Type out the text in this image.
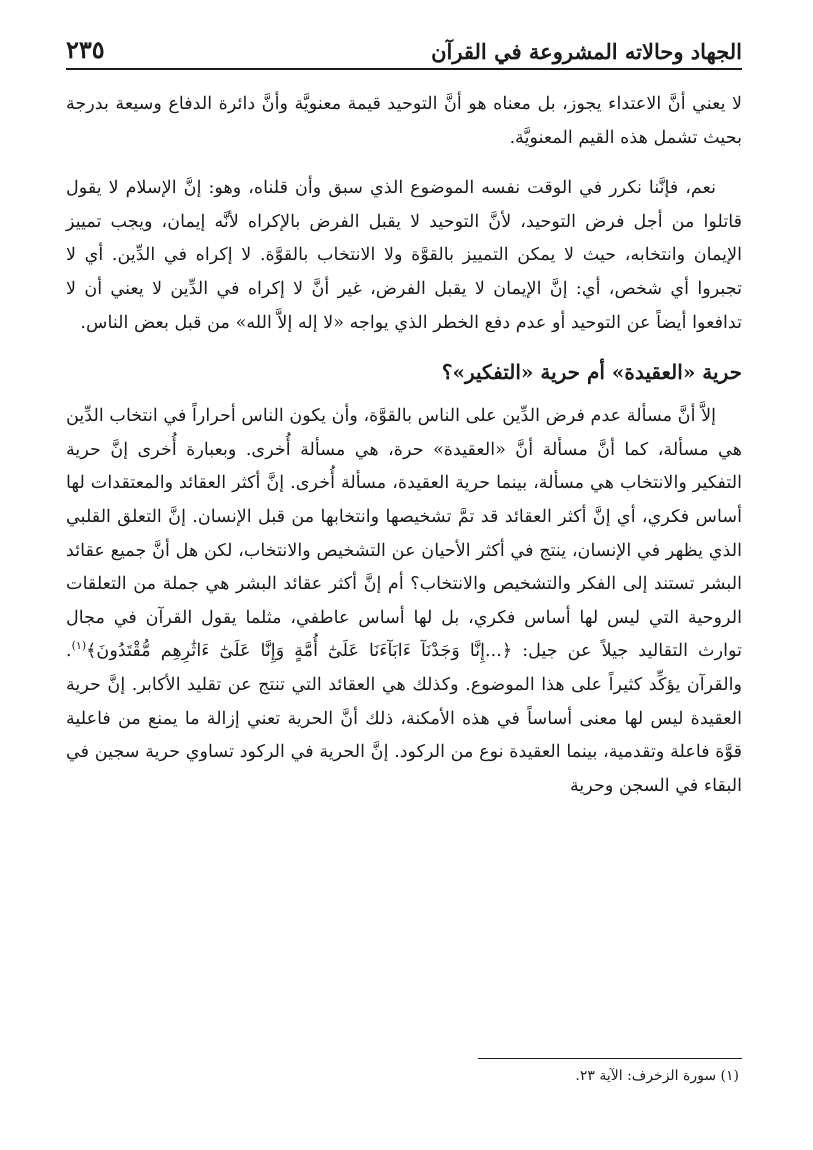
الجهاد وحالاته المشروعة في القرآن
٢٣٥

لا يعني أنَّ الاعتداء يجوز، بل معناه هو أنَّ التوحيد قيمة معنويَّة وأنَّ دائرة الدفاع وسيعة بدرجة بحيث تشمل هذه القيم المعنويَّة.

نعم، فإنَّنا نكرر في الوقت نفسه الموضوع الذي سبق وأن قلناه، وهو: إنَّ الإسلام لا يقول قاتلوا من أجل فرض التوحيد، لأنَّ التوحيد لا يقبل الفرض بالإكراه لأنَّه إيمان، ويجب تمييز الإيمان وانتخابه، حيث لا يمكن التمييز بالقوَّة ولا الانتخاب بالقوَّة. لا إكراه في الدِّين. أي لا تجبروا أي شخص، أي: إنَّ الإيمان لا يقبل الفرض، غير أنَّ لا إكراه في الدِّين لا يعني أن لا تدافعوا أيضاً عن التوحيد أو عدم دفع الخطر الذي يواجه «لا إله إلاَّ الله» من قبل بعض الناس.

حرية «العقيدة» أم حرية «التفكير»؟

إلاَّ أنَّ مسألة عدم فرض الدِّين على الناس بالقوَّة، وأن يكون الناس أحراراً في انتخاب الدِّين هي مسألة، كما أنَّ مسألة أنَّ «العقيدة» حرة، هي مسألة أُخرى. وبعبارة أُخرى إنَّ حرية التفكير والانتخاب هي مسألة، بينما حرية العقيدة، مسألة أُخرى. إنَّ أكثر العقائد والمعتقدات لها أساس فكري، أي إنَّ أكثر العقائد قد تمَّ تشخيصها وانتخابها من قبل الإنسان. إنَّ التعلق القلبي الذي يظهر في الإنسان، ينتج في أكثر الأحيان عن التشخيص والانتخاب، لكن هل أنَّ جميع عقائد البشر تستند إلى الفكر والتشخيص والانتخاب؟ أم إنَّ أكثر عقائد البشر هي جملة من التعلقات الروحية التي ليس لها أساس فكري، بل لها أساس عاطفي، مثلما يقول القرآن في مجال توارث التقاليد جيلاً عن جيل: ﴿...إِنَّا وَجَدْنَآ ءَابَآءَنَا عَلَىٰٓ أُمَّةٍ وَإِنَّا عَلَىٰٓ ءَاثَٰرِهِم مُّقْتَدُونَ﴾$^{(١)}$. والقرآن يؤكِّد كثيراً على هذا الموضوع. وكذلك هي العقائد التي تنتج عن تقليد الأكابر. إنَّ حرية العقيدة ليس لها معنى أساساً في هذه الأمكنة، ذلك أنَّ الحرية تعني إزالة ما يمنع من فاعلية قوَّة فاعلة وتقدمية، بينما العقيدة نوع من الركود. إنَّ الحرية في الركود تساوي حرية سجين في البقاء في السجن وحرية

(١) سورة الزخرف: الآية ٢٣.
